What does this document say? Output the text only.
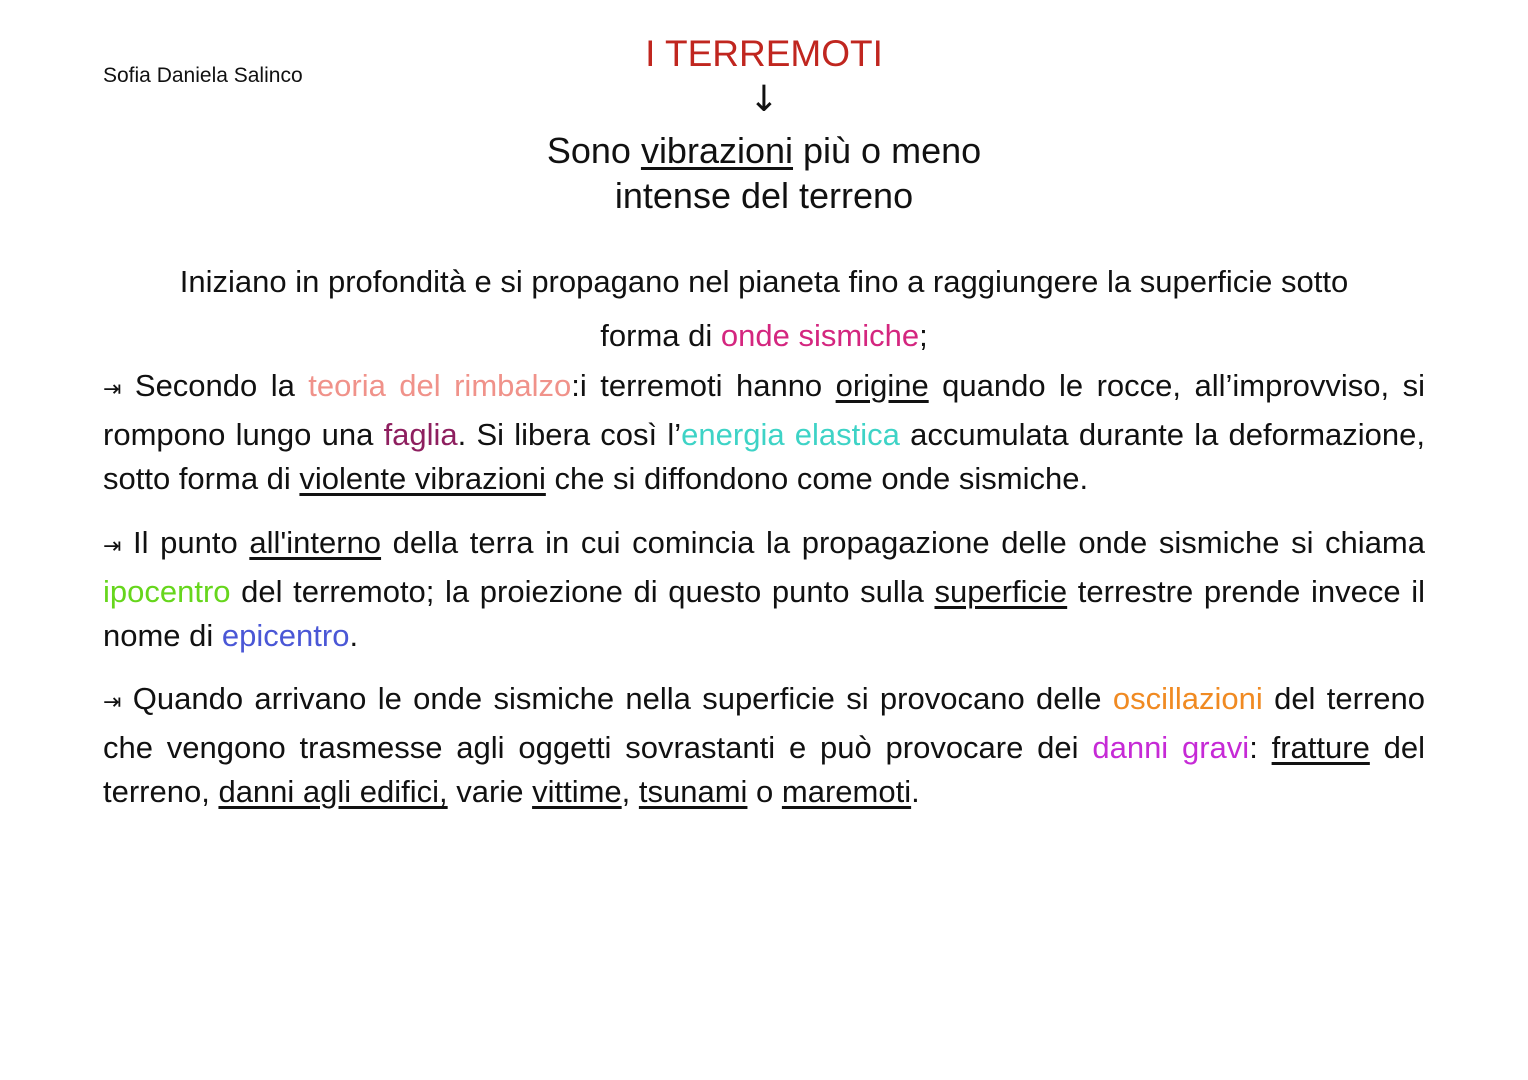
Sofia Daniela Salinco
I TERREMOTI
↓
Sono vibrazioni più o meno
intense del terreno
Iniziano in profondità e si propagano nel pianeta fino a raggiungere la superficie sotto
forma di onde sismiche;
⇥ Secondo la teoria del rimbalzo:i terremoti hanno origine quando le rocce, all’improvviso, si rompono lungo una faglia. Si libera così l’energia elastica accumulata durante la deformazione, sotto forma di violente vibrazioni che si diffondono come onde sismiche.
⇥ Il punto all'interno della terra in cui comincia la propagazione delle onde sismiche si chiama ipocentro del terremoto; la proiezione di questo punto sulla superficie terrestre prende invece il nome di epicentro.
⇥ Quando arrivano le onde sismiche nella superficie si provocano delle oscillazioni del terreno che vengono trasmesse agli oggetti sovrastanti e può provocare dei danni gravi: fratture del terreno, danni agli edifici, varie vittime, tsunami o maremoti.
